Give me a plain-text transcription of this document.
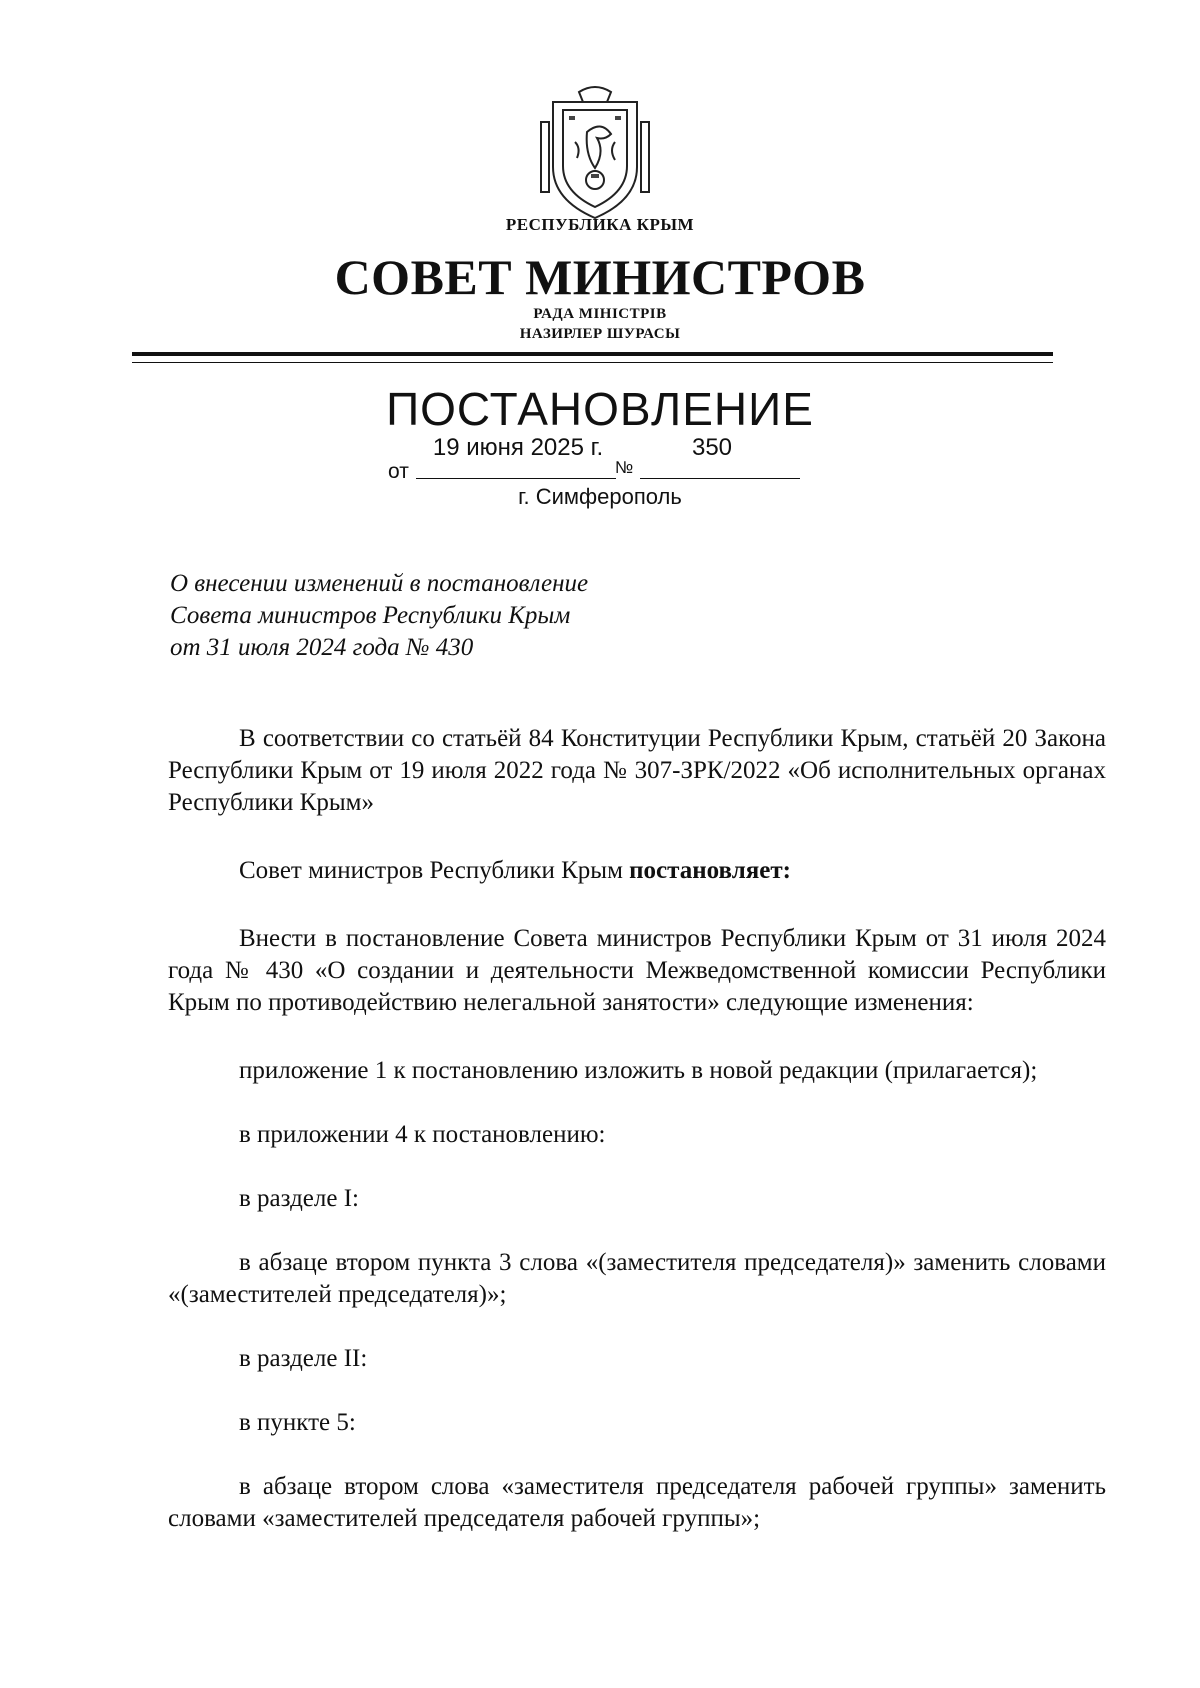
РЕСПУБЛИКА КРЫМ
СОВЕТ МИНИСТРОВ
РАДА МІНІСТРІВ
НАЗИРЛЕР ШУРАСЫ
ПОСТАНОВЛЕНИЕ
от
19 июня 2025 г.
№
350
г. Симферополь
О внесении изменений в постановление
Совета министров Республики Крым
от 31 июля 2024 года № 430

В соответствии со статьёй 84 Конституции Республики Крым, статьёй 20 Закона Республики Крым от 19 июля 2022 года № 307-ЗРК/2022 «Об исполнительных органах Республики Крым»

Совет министров Республики Крым постановляет:

Внести в постановление Совета министров Республики Крым от 31 июля 2024 года № 430 «О создании и деятельности Межведомственной комиссии Республики Крым по противодействию нелегальной занятости» следующие изменения:

приложение 1 к постановлению изложить в новой редакции (прилагается);

в приложении 4 к постановлению:

в разделе I:

в абзаце втором пункта 3 слова «(заместителя председателя)» заменить словами «(заместителей председателя)»;

в разделе II:

в пункте 5:

в абзаце втором слова «заместителя председателя рабочей группы» заменить словами «заместителей председателя рабочей группы»;
